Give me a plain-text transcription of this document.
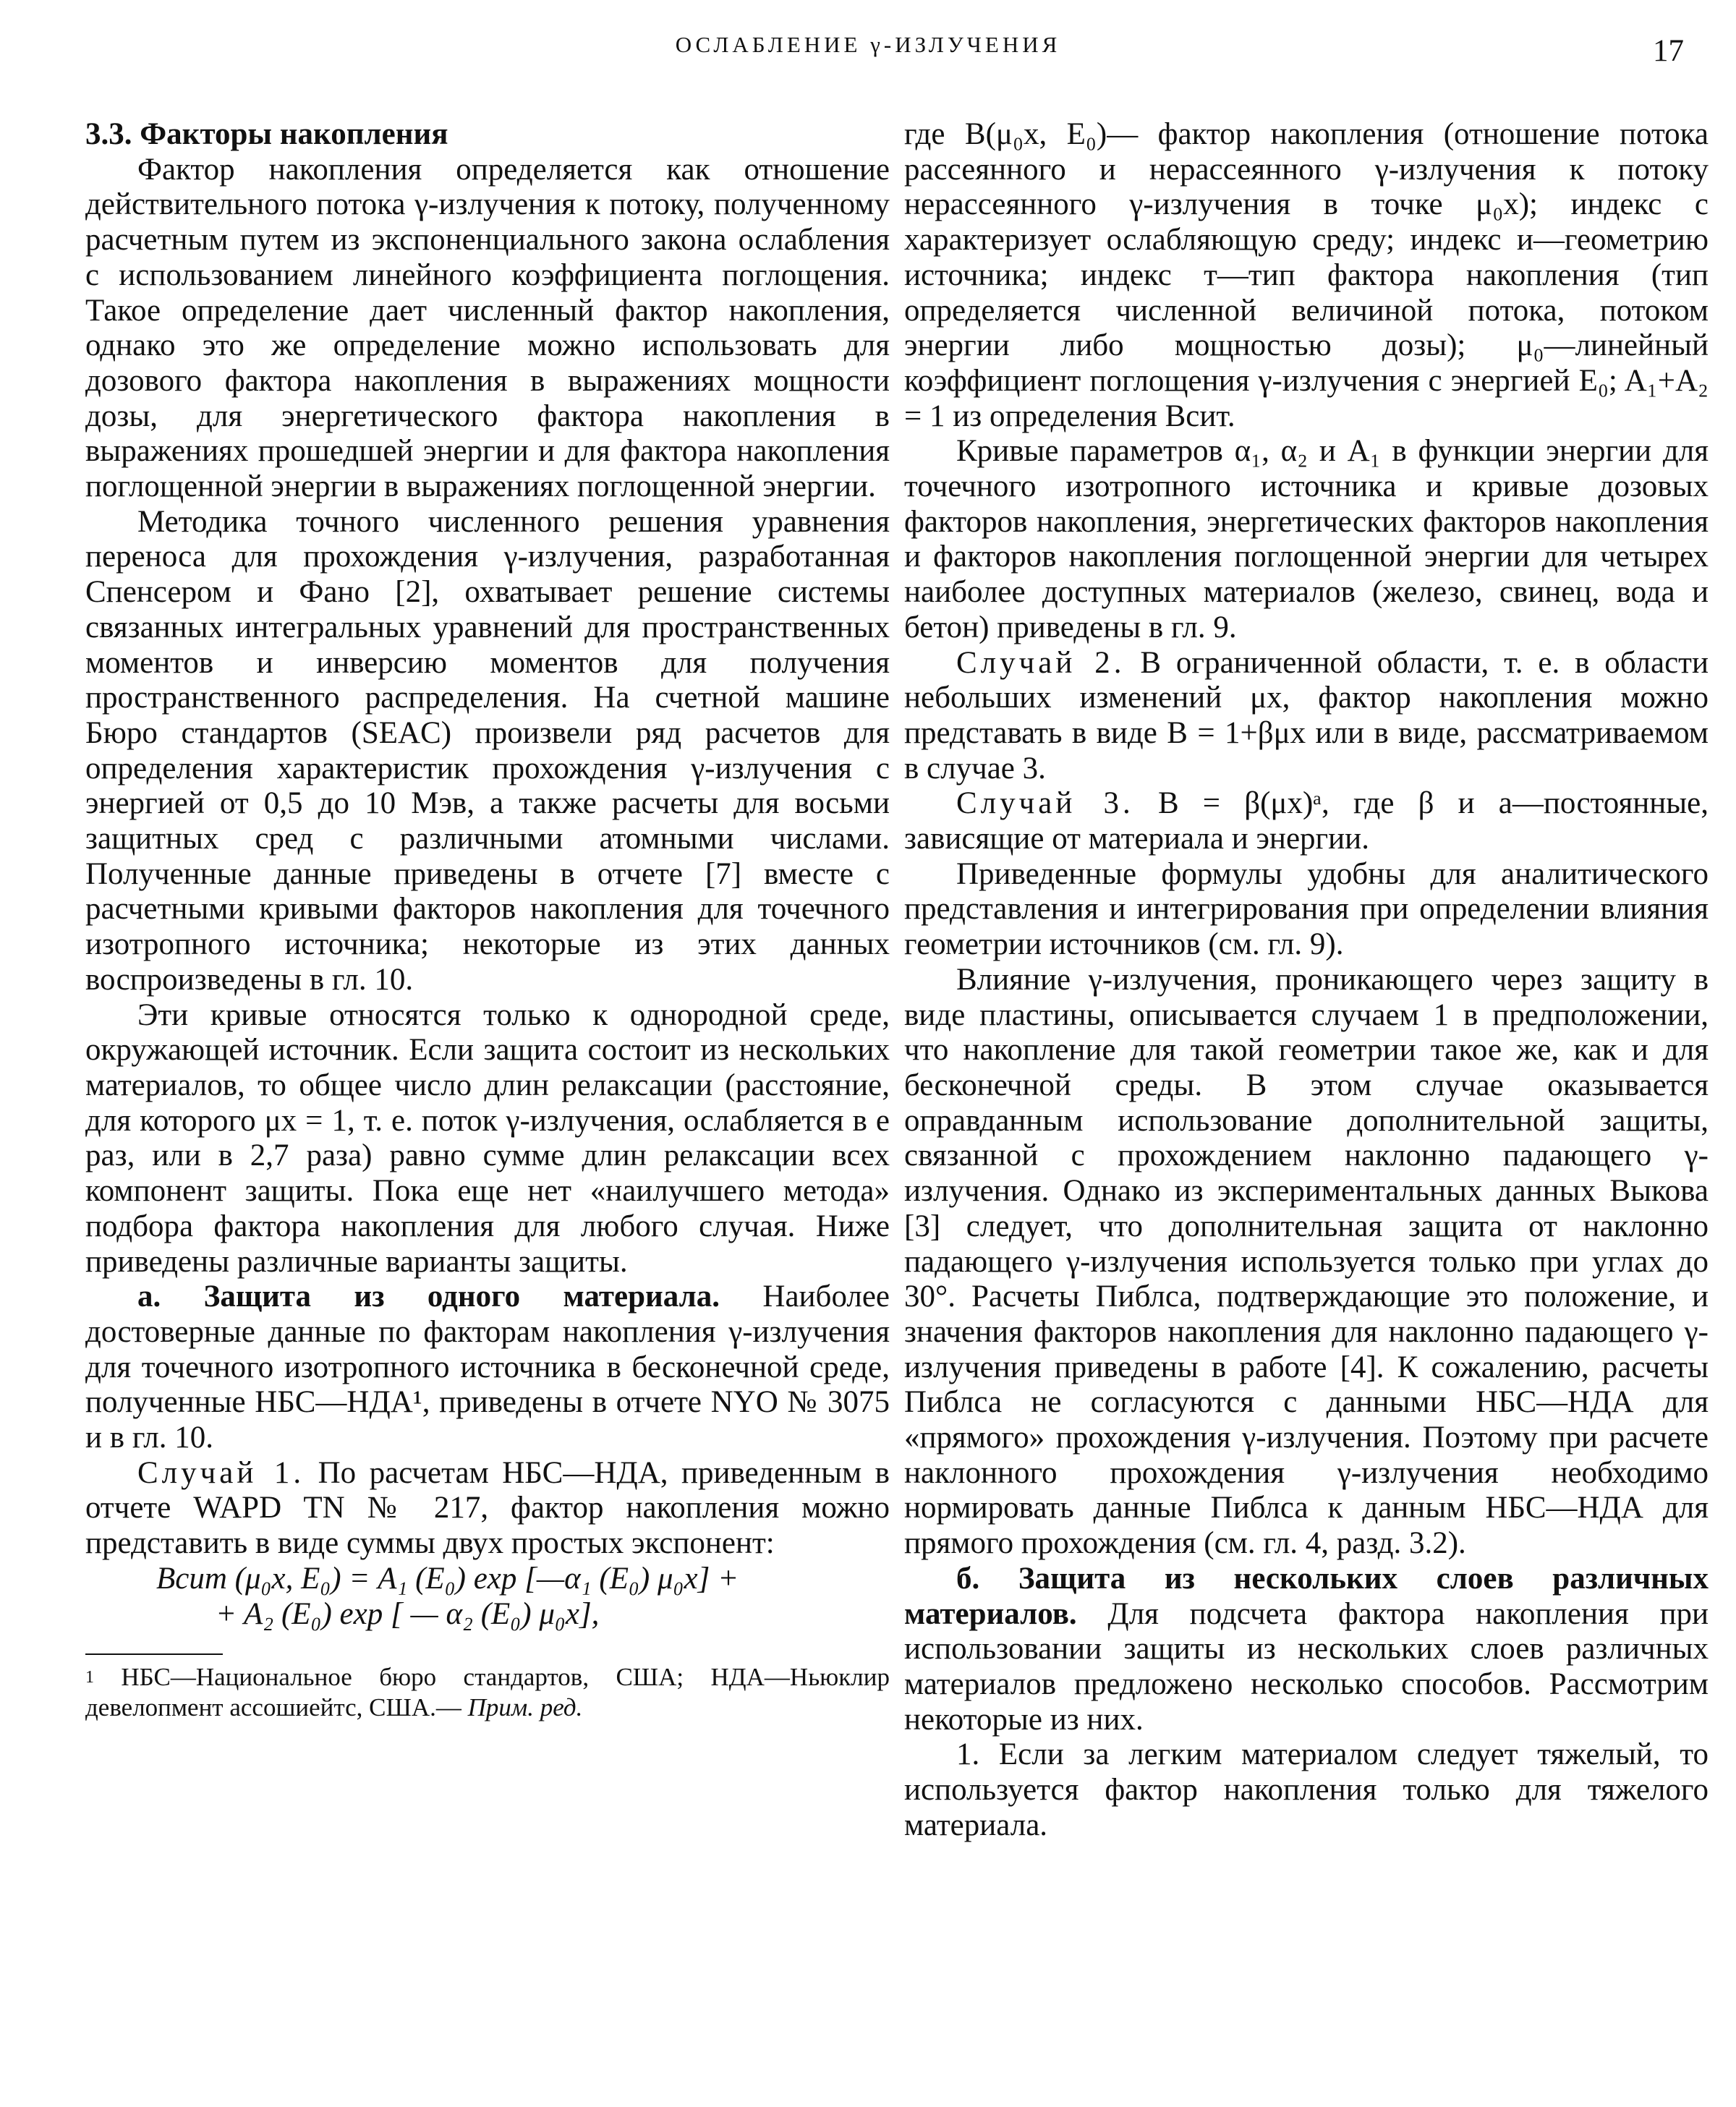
ОСЛАБЛЕНИЕ γ-ИЗЛУЧЕНИЯ	17

3.3. Факторы накопления

Фактор накопления определяется как отношение действительного потока γ-излучения к потоку, полученному расчетным путем из экспоненциального закона ослабления с использованием линейного коэффициента поглощения. Такое определение дает численный фактор накопления, однако это же определение можно использовать для дозового фактора накопления в выражениях мощности дозы, для энергетического фактора накопления в выражениях прошедшей энергии и для фактора накопления поглощенной энергии в выражениях поглощенной энергии.

Методика точного численного решения уравнения переноса для прохождения γ-излучения, разработанная Спенсером и Фано [2], охватывает решение системы связанных интегральных уравнений для пространственных моментов и инверсию моментов для получения пространственного распределения. На счетной машине Бюро стандартов (SEAC) произвели ряд расчетов для определения характеристик прохождения γ-излучения с энергией от 0,5 до 10 Мэв, а также расчеты для восьми защитных сред с различными атомными числами. Полученные данные приведены в отчете [7] вместе с расчетными кривыми факторов накопления для точечного изотропного источника; некоторые из этих данных воспроизведены в гл. 10.

Эти кривые относятся только к однородной среде, окружающей источник. Если защита состоит из нескольких материалов, то общее число длин релаксации (расстояние, для которого μx = 1, т. е. поток γ-излучения, ослабляется в e раз, или в 2,7 раза) равно сумме длин релаксации всех компонент защиты. Пока еще нет «наилучшего метода» подбора фактора накопления для любого случая. Ниже приведены различные варианты защиты.

а. Защита из одного материала. Наиболее достоверные данные по факторам накопления γ-излучения для точечного изотропного источника в бесконечной среде, полученные НБС—НДА¹, приведены в отчете NYO № 3075 и в гл. 10.

Случай 1. По расчетам НБС—НДА, приведенным в отчете WAPD TN № 217, фактор накопления можно представить в виде суммы двух простых экспонент:

Bсит (μ₀x, E₀) = A₁ (E₀) exp [—α₁ (E₀) μ₀x] +

+ A₂ (E₀) exp [ — α₂ (E₀) μ₀x],

$^1$ НБС—Национальное бюро стандартов, США; НДА—Ньюклир девелопмент ассошиейтс, США.— Прим. ред.

где B(μ₀x, E₀)— фактор накопления (отношение потока рассеянного и нерассеянного γ-излучения к потоку нерассеянного γ-излучения в точке μ₀x); индекс с характеризует ослабляющую среду; индекс и—геометрию источника; индекс т—тип фактора накопления (тип определяется численной величиной потока, потоком энергии либо мощностью дозы); μ₀—линейный коэффициент поглощения γ-излучения с энергией E₀; A₁+A₂ = 1 из определения Bсит.

Кривые параметров α₁, α₂ и A₁ в функции энергии для точечного изотропного источника и кривые дозовых факторов накопления, энергетических факторов накопления и факторов накопления поглощенной энергии для четырех наиболее доступных материалов (железо, свинец, вода и бетон) приведены в гл. 9.

Случай 2. В ограниченной области, т. е. в области небольших изменений μx, фактор накопления можно представать в виде B = 1+βμx или в виде, рассматриваемом в случае 3.

Случай 3. B = β(μx)ᵃ, где β и a—постоянные, зависящие от материала и энергии.

Приведенные формулы удобны для аналитического представления и интегрирования при определении влияния геометрии источников (см. гл. 9).

Влияние γ-излучения, проникающего через защиту в виде пластины, описывается случаем 1 в предположении, что накопление для такой геометрии такое же, как и для бесконечной среды. В этом случае оказывается оправданным использование дополнительной защиты, связанной с прохождением наклонно падающего γ-излучения. Однако из экспериментальных данных Выкова [3] следует, что дополнительная защита от наклонно падающего γ-излучения используется только при углах до 30°. Расчеты Пиблса, подтверждающие это положение, и значения факторов накопления для наклонно падающего γ-излучения приведены в работе [4]. К сожалению, расчеты Пиблса не согласуются с данными НБС—НДА для «прямого» прохождения γ-излучения. Поэтому при расчете наклонного прохождения γ-излучения необходимо нормировать данные Пиблса к данным НБС—НДА для прямого прохождения (см. гл. 4, разд. 3.2).

б. Защита из нескольких слоев различных материалов. Для подсчета фактора накопления при использовании защиты из нескольких слоев различных материалов предложено несколько способов. Рассмотрим некоторые из них.

1. Если за легким материалом следует тяжелый, то используется фактор накопления только для тяжелого материала.
